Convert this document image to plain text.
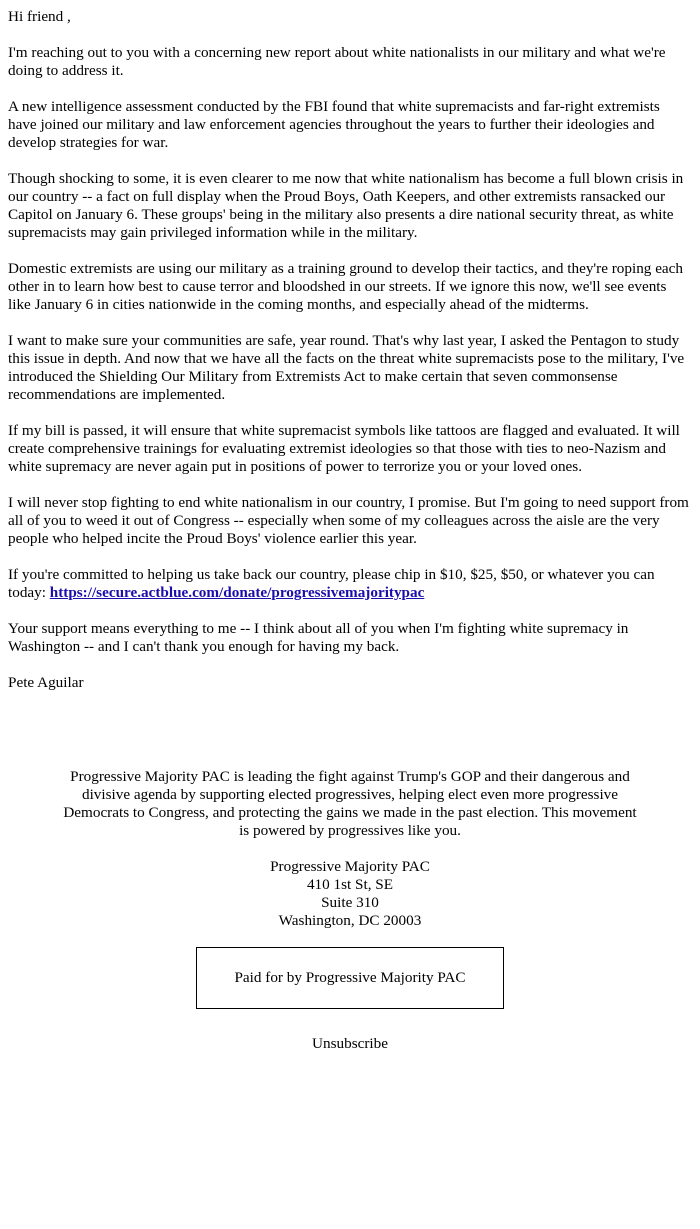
Hi friend ,

I'm reaching out to you with a concerning new report about white nationalists in our military and what we're doing to address it.

A new intelligence assessment conducted by the FBI found that white supremacists and far-right extremists have joined our military and law enforcement agencies throughout the years to further their ideologies and develop strategies for war.

Though shocking to some, it is even clearer to me now that white nationalism has become a full blown crisis in our country -- a fact on full display when the Proud Boys, Oath Keepers, and other extremists ransacked our Capitol on January 6. These groups' being in the military also presents a dire national security threat, as white supremacists may gain privileged information while in the military.

Domestic extremists are using our military as a training ground to develop their tactics, and they're roping each other in to learn how best to cause terror and bloodshed in our streets. If we ignore this now, we'll see events like January 6 in cities nationwide in the coming months, and especially ahead of the midterms.

I want to make sure your communities are safe, year round. That's why last year, I asked the Pentagon to study this issue in depth. And now that we have all the facts on the threat white supremacists pose to the military, I've introduced the Shielding Our Military from Extremists Act to make certain that seven commonsense recommendations are implemented.

If my bill is passed, it will ensure that white supremacist symbols like tattoos are flagged and evaluated. It will create comprehensive trainings for evaluating extremist ideologies so that those with ties to neo-Nazism and white supremacy are never again put in positions of power to terrorize you or your loved ones.

I will never stop fighting to end white nationalism in our country, I promise. But I'm going to need support from all of you to weed it out of Congress -- especially when some of my colleagues across the aisle are the very people who helped incite the Proud Boys' violence earlier this year.

If you're committed to helping us take back our country, please chip in $10, $25, $50, or whatever you can today: https://secure.actblue.com/donate/progressivemajoritypac

Your support means everything to me -- I think about all of you when I'm fighting white supremacy in Washington -- and I can't thank you enough for having my back.

Pete Aguilar

Progressive Majority PAC is leading the fight against Trump's GOP and their dangerous and divisive agenda by supporting elected progressives, helping elect even more progressive Democrats to Congress, and protecting the gains we made in the past election. This movement is powered by progressives like you.
Progressive Majority PAC
410 1st St, SE
Suite 310
Washington, DC 20003
Paid for by Progressive Majority PAC
Unsubscribe
